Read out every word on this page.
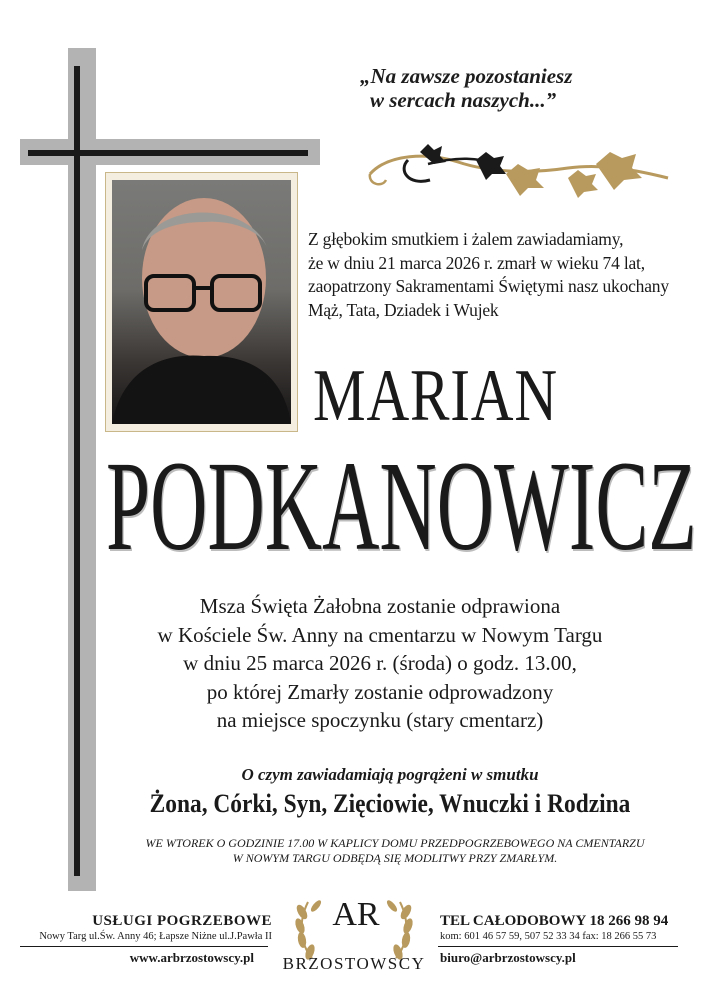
„Na zawsze pozostaniesz
w sercach naszych...”
Z głębokim smutkiem i żalem zawiadamiamy,
że w dniu 21 marca 2026 r. zmarł w wieku 74 lat,
zaopatrzony Sakramentami Świętymi nasz ukochany
Mąż, Tata, Dziadek i Wujek
MARIAN
PODKANOWICZ
Msza Święta Żałobna zostanie odprawiona
w Kościele Św. Anny na cmentarzu w Nowym Targu
w dniu 25 marca 2026 r. (środa) o godz. 13.00,
po której Zmarły zostanie odprowadzony
na miejsce spoczynku (stary cmentarz)
O czym zawiadamiają pogrążeni w smutku
Żona, Córki, Syn, Zięciowie, Wnuczki i Rodzina
WE WTOREK O GODZINIE 17.00 W KAPLICY DOMU PRZEDPOGRZEBOWEGO NA CMENTARZU
W NOWYM TARGU ODBĘDĄ SIĘ MODLITWY PRZY ZMARŁYM.
USŁUGI POGRZEBOWE
Nowy Targ ul.Św. Anny 46; Łapsze Niżne ul.J.Pawła II
www.arbrzostowscy.pl
AR
BRZOSTOWSCY
TEL CAŁODOBOWY 18 266 98 94
kom: 601 46 57 59, 507 52 33 34 fax: 18 266 55 73
biuro@arbrzostowscy.pl
